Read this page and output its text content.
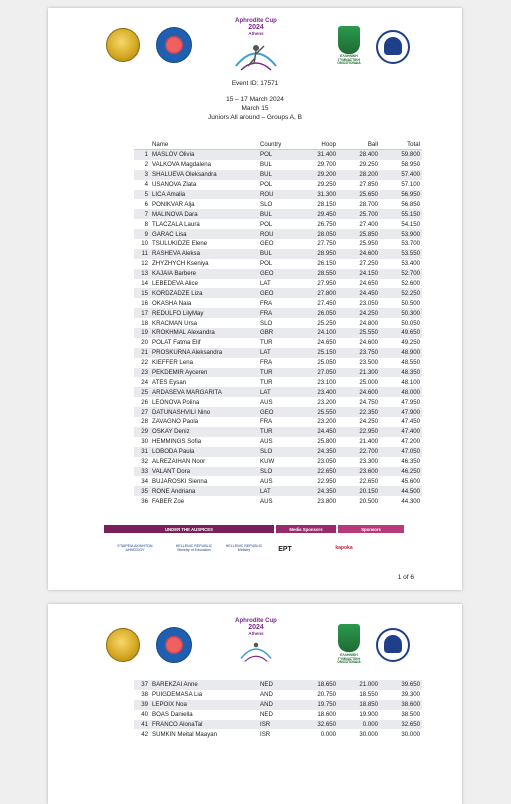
Aphrodite Cup
2024
Athens
ΕΛΛΗΝΙΚΗ ΓΥΜΝΑΣΤΙΚΗ ΟΜΟΣΠΟΝΔΙΑ
Event ID: 17571
15 – 17 March 2024
March 15
Juniors All around – Groups A, B
	Name	Country	Hoop	Ball	Total
1	MASLOV Olivia	POL	31.400	28.400	59.800
2	VALKOVA Magdalena	BUL	29.700	29.250	58.950
3	SHALUEVA Oleksandra	BUL	29.200	28.200	57.400
4	USANOVA Zlata	POL	29.250	27.850	57.100
5	LICA Amalia	ROU	31.300	25.650	56.950
6	PONIKVAR Alja	SLO	28.150	28.700	56.850
7	MALINOVA Dara	BUL	29.450	25.700	55.150
8	TLACZALA Laura	POL	26.750	27.400	54.150
9	GARAC Lisa	ROU	28.050	25.850	53.900
10	TSULUKIDZE Elene	GEO	27.750	25.950	53.700
11	RASHEVA Aleksa	BUL	28.950	24.600	53.550
12	ZHYZHYCH Kseniya	POL	26.150	27.250	53.400
13	KAJAIA Barbere	GEO	28.550	24.150	52.700
14	LEBEDEVA Alice	LAT	27.950	24.650	52.600
15	KORDZADZE Liza	GEO	27.800	24.450	52.250
16	OKASHA Naia	FRA	27.450	23.050	50.500
17	REDULFO LilyMay	FRA	26.050	24.250	50.300
18	KRACMAN Ursa	SLO	25.250	24.800	50.050
19	KROKHMAL Alexandra	GBR	24.100	25.550	49.650
20	POLAT Fatma Elif	TUR	24.650	24.600	49.250
21	PROSKURNA Aleksandra	LAT	25.150	23.750	48.900
22	KIEFFER Lena	FRA	25.050	23.500	48.550
23	PEKDEMIR Ayceren	TUR	27.050	21.300	48.350
24	ATES Eysan	TUR	23.100	25.000	48.100
25	ARDASEVA MARGARITA	LAT	23.400	24.600	48.000
26	LEONOVA Polina	AUS	23.200	24.750	47.950
27	DATUNASHVILI Nino	GEO	25.550	22.350	47.900
28	ZAVAGNO Paola	FRA	23.200	24.250	47.450
29	OSKAY Deniz	TUR	24.450	22.950	47.400
30	HEMMINGS Sofia	AUS	25.800	21.400	47.200
31	LOBODA Paula	SLO	24.350	22.700	47.050
32	ALREZAIHAN Noor	KUW	23.050	23.300	46.350
33	VALANT Dora	SLO	22.650	23.600	46.250
34	BUJAROSKI Sienna	AUS	22.950	22.650	45.600
35	RONE Andriana	LAT	24.350	20.150	44.500
36	FABER Zoe	AUS	23.800	20.500	44.300
UNDER THE AUSPICES	Media Sponsors	Sponsors
ΕΤΑΙΡΕΙΑ ΑΚΙΝΗΤΩΝ ΔΗΜΟΣΙΟΥ
HELLENIC REPUBLIC Ministry of Education
HELLENIC REPUBLIC Ministry	EPT	kapoka
1 of 6
Aphrodite Cup
2024
Athens
ΕΛΛΗΝΙΚΗ ΓΥΜΝΑΣΤΙΚΗ ΟΜΟΣΠΟΝΔΙΑ
37	BAREKZAI Anne	NED	18.650	21.000	39.650
38	PUIGDEMASA Lia	AND	20.750	18.550	39.300
39	LEPOIX Noa	AND	19.750	18.850	38.600
40	BOAS Daniella	NED	18.600	19.900	38.500
41	FRANCO AlonaTal	ISR	32.650	0.000	32.650
42	SUMKIN Meital Maayan	ISR	0.000	30.000	30.000
